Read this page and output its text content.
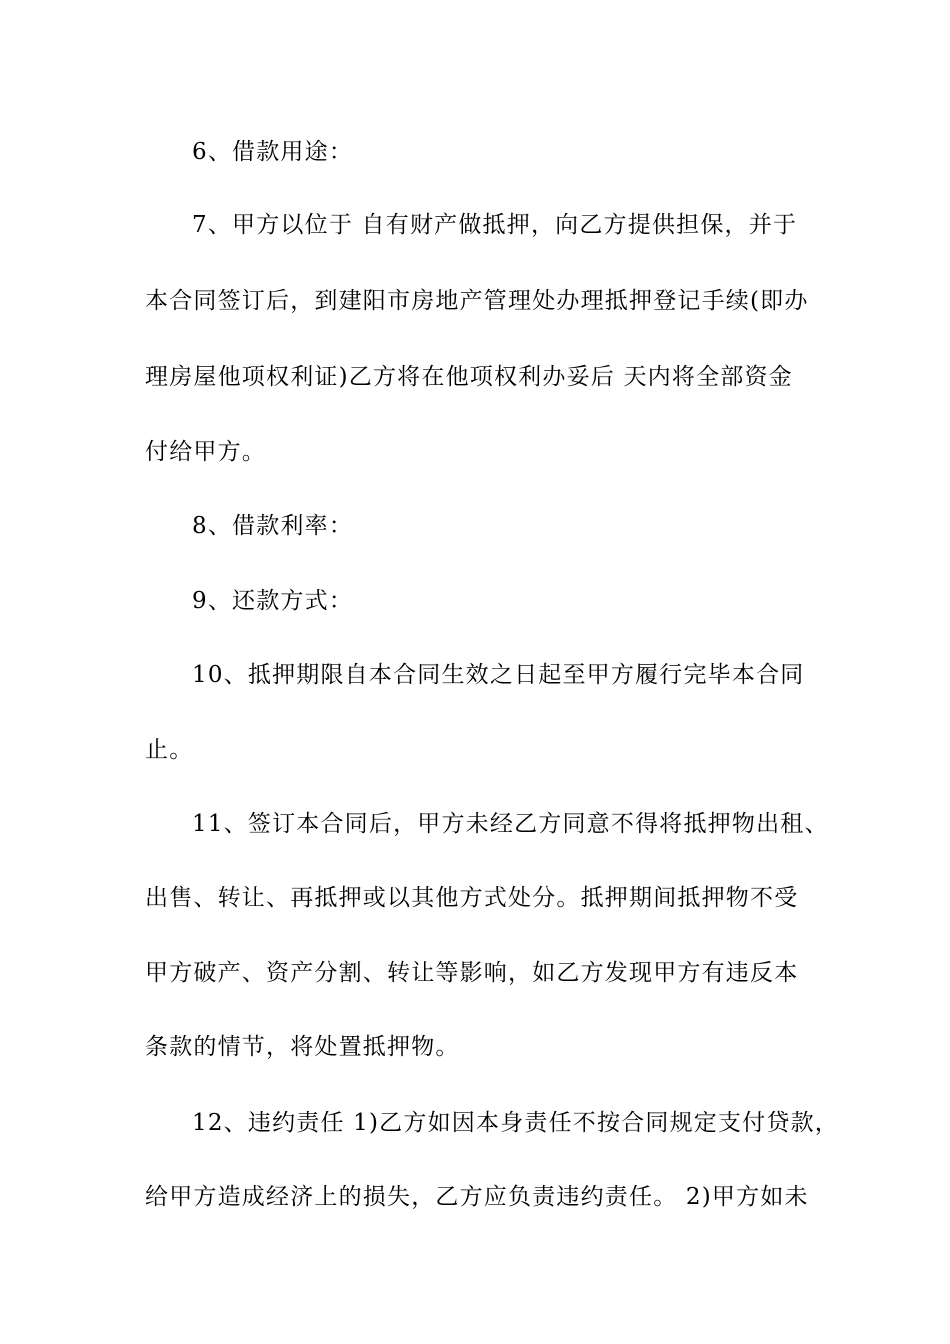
6、借款用途：
7、甲方以位于 自有财产做抵押，向乙方提供担保，并于
本合同签订后，到建阳市房地产管理处办理抵押登记手续(即办
理房屋他项权利证)乙方将在他项权利办妥后 天内将全部资金
付给甲方。
8、借款利率：
9、还款方式：
10、抵押期限自本合同生效之日起至甲方履行完毕本合同
止。
11、签订本合同后，甲方未经乙方同意不得将抵押物出租、
出售、转让、再抵押或以其他方式处分。抵押期间抵押物不受
甲方破产、资产分割、转让等影响，如乙方发现甲方有违反本
条款的情节，将处置抵押物。
12、违约责任 1)乙方如因本身责任不按合同规定支付贷款，
给甲方造成经济上的损失，乙方应负责违约责任。 2)甲方如未
